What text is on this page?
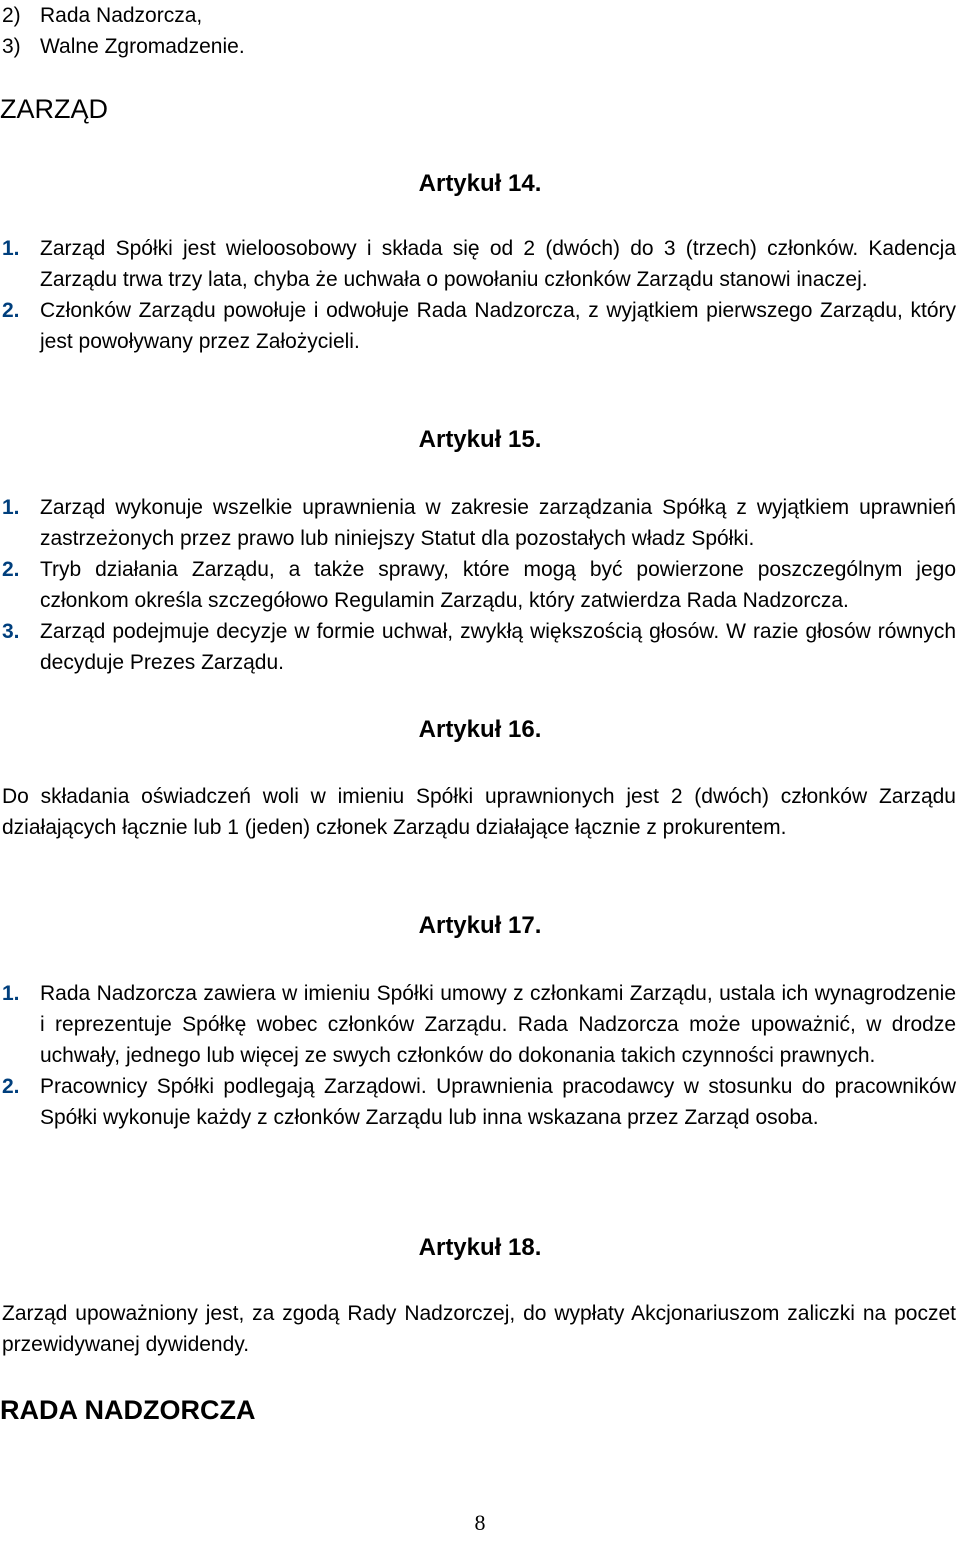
2) Rada Nadzorcza,
3) Walne Zgromadzenie.
ZARZĄD
Artykuł 14.
1. Zarząd Spółki jest wieloosobowy i składa się od 2 (dwóch) do 3 (trzech) członków. Kadencja Zarządu trwa trzy lata, chyba że uchwała o powołaniu członków Zarządu stanowi inaczej.
2. Członków Zarządu powołuje i odwołuje Rada Nadzorcza, z wyjątkiem pierwszego Zarządu, który jest powoływany przez Założycieli.
Artykuł 15.
1. Zarząd wykonuje wszelkie uprawnienia w zakresie zarządzania Spółką z wyjątkiem uprawnień zastrzeżonych przez prawo lub niniejszy Statut dla pozostałych władz Spółki.
2. Tryb działania Zarządu, a także sprawy, które mogą być powierzone poszczególnym jego członkom określa szczegółowo Regulamin Zarządu, który zatwierdza Rada Nadzorcza.
3. Zarząd podejmuje decyzje w formie uchwał, zwykłą większością głosów. W razie głosów równych decyduje Prezes Zarządu.
Artykuł 16.
Do składania oświadczeń woli w imieniu Spółki uprawnionych jest 2 (dwóch) członków Zarządu działających łącznie lub 1 (jeden) członek Zarządu działające łącznie z prokurentem.
Artykuł 17.
1. Rada Nadzorcza zawiera w imieniu Spółki umowy z członkami Zarządu, ustala ich wynagrodzenie i reprezentuje Spółkę wobec członków Zarządu. Rada Nadzorcza może upoważnić, w drodze uchwały, jednego lub więcej ze swych członków do dokonania takich czynności prawnych.
2. Pracownicy Spółki podlegają Zarządowi. Uprawnienia pracodawcy w stosunku do pracowników Spółki wykonuje każdy z członków Zarządu lub inna wskazana przez Zarząd osoba.
Artykuł 18.
Zarząd upoważniony jest, za zgodą Rady Nadzorczej, do wypłaty Akcjonariuszom zaliczki na poczet przewidywanej dywidendy.
RADA NADZORCZA
8
